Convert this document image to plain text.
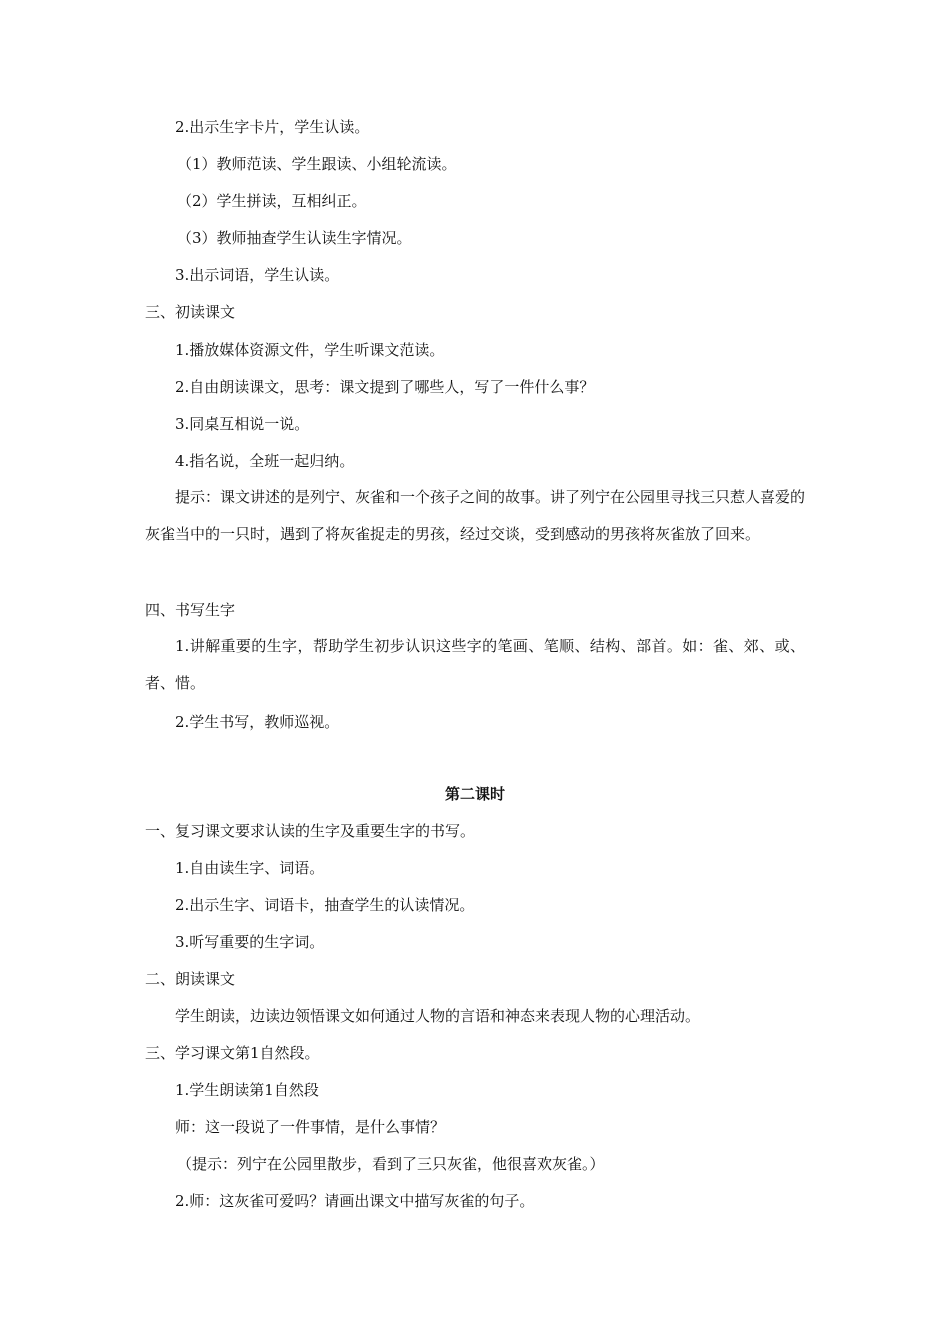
2.出示生字卡片，学生认读。
（1）教师范读、学生跟读、小组轮流读。
（2）学生拼读，互相纠正。
（3）教师抽查学生认读生字情况。
3.出示词语，学生认读。
三、初读课文
1.播放媒体资源文件，学生听课文范读。
2.自由朗读课文，思考：课文提到了哪些人，写了一件什么事？
3.同桌互相说一说。
4.指名说，全班一起归纳。
提示：课文讲述的是列宁、灰雀和一个孩子之间的故事。讲了列宁在公园里寻找三只惹人喜爱的灰雀当中的一只时，遇到了将灰雀捉走的男孩，经过交谈，受到感动的男孩将灰雀放了回来。
四、书写生字
1.讲解重要的生字，帮助学生初步认识这些字的笔画、笔顺、结构、部首。如：雀、郊、或、者、惜。
2.学生书写，教师巡视。
第二课时
一、复习课文要求认读的生字及重要生字的书写。
1.自由读生字、词语。
2.出示生字、词语卡，抽查学生的认读情况。
3.听写重要的生字词。
二、朗读课文
学生朗读，边读边领悟课文如何通过人物的言语和神态来表现人物的心理活动。
三、学习课文第1自然段。
1.学生朗读第1自然段
师：这一段说了一件事情，是什么事情？
（提示：列宁在公园里散步，看到了三只灰雀，他很喜欢灰雀。）
2.师：这灰雀可爱吗？请画出课文中描写灰雀的句子。
